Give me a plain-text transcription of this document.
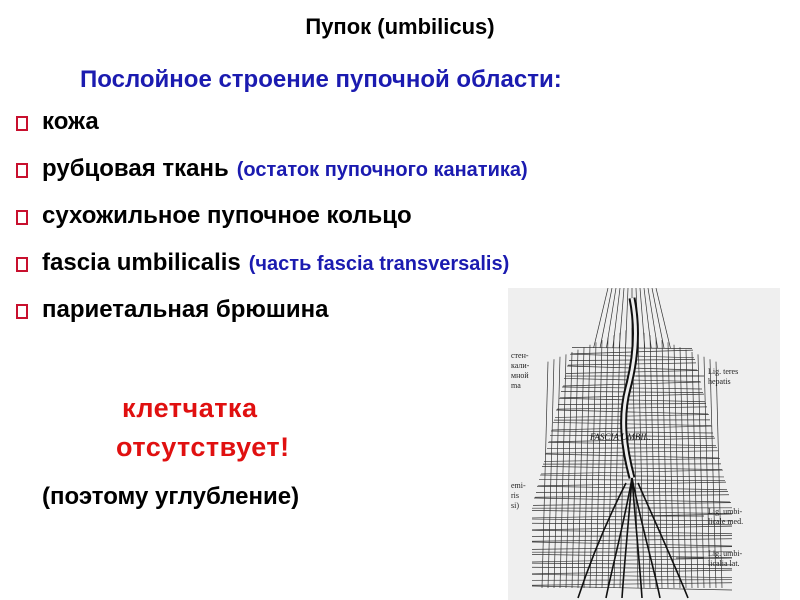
Пупок (umbilicus)
Послойное строение пупочной области:
кожа
рубцовая ткань (остаток пупочного канатика)
сухожильное пупочное кольцо
fascia umbilicalis (часть fascia transversalis)
париетальная брюшина
клетчатка
отсутствует!
(поэтому углубление)
FASCIA UMBIL.
стен-
кали-
мной
ma
emi-
ris
si)
Lig. teres
hepatis
Lig. umbi-
licale med.
Lig. umbi-
licalia lat.
